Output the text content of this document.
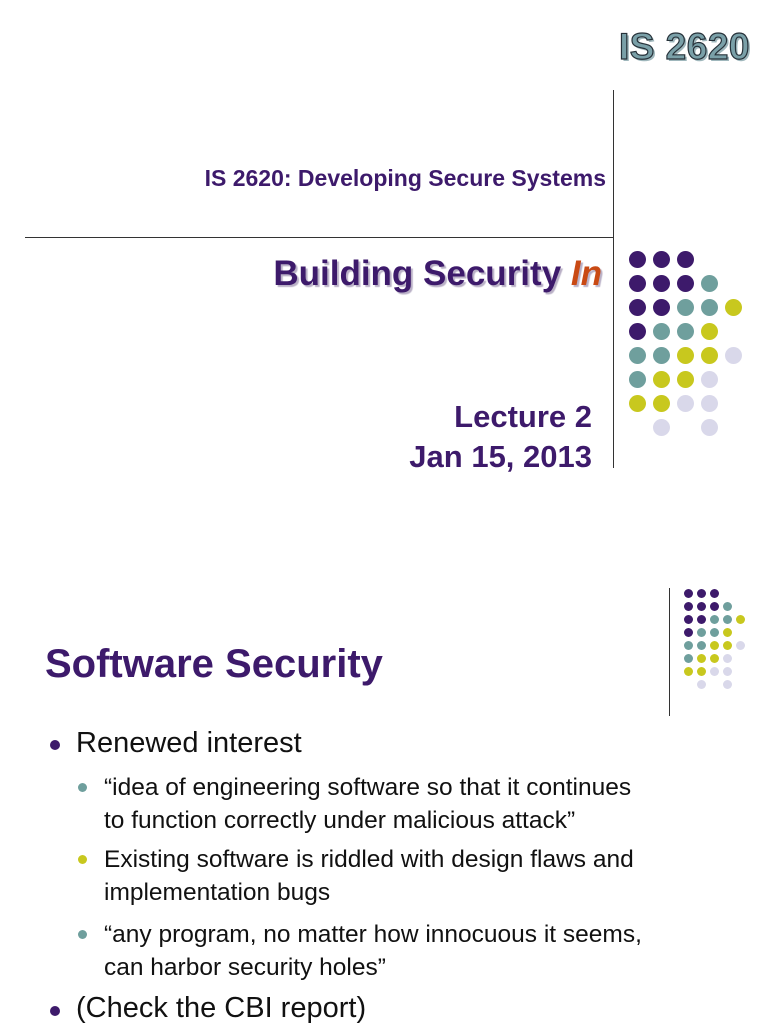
IS 2620
IS 2620: Developing Secure Systems
Building Security In
Lecture 2
Jan 15, 2013
Software Security
Renewed interest
“idea of engineering software so that it continues
to function correctly under malicious attack”
Existing software is riddled with design flaws and
implementation bugs
“any program, no matter how innocuous it seems,
can harbor security holes”
(Check the CBI report)
